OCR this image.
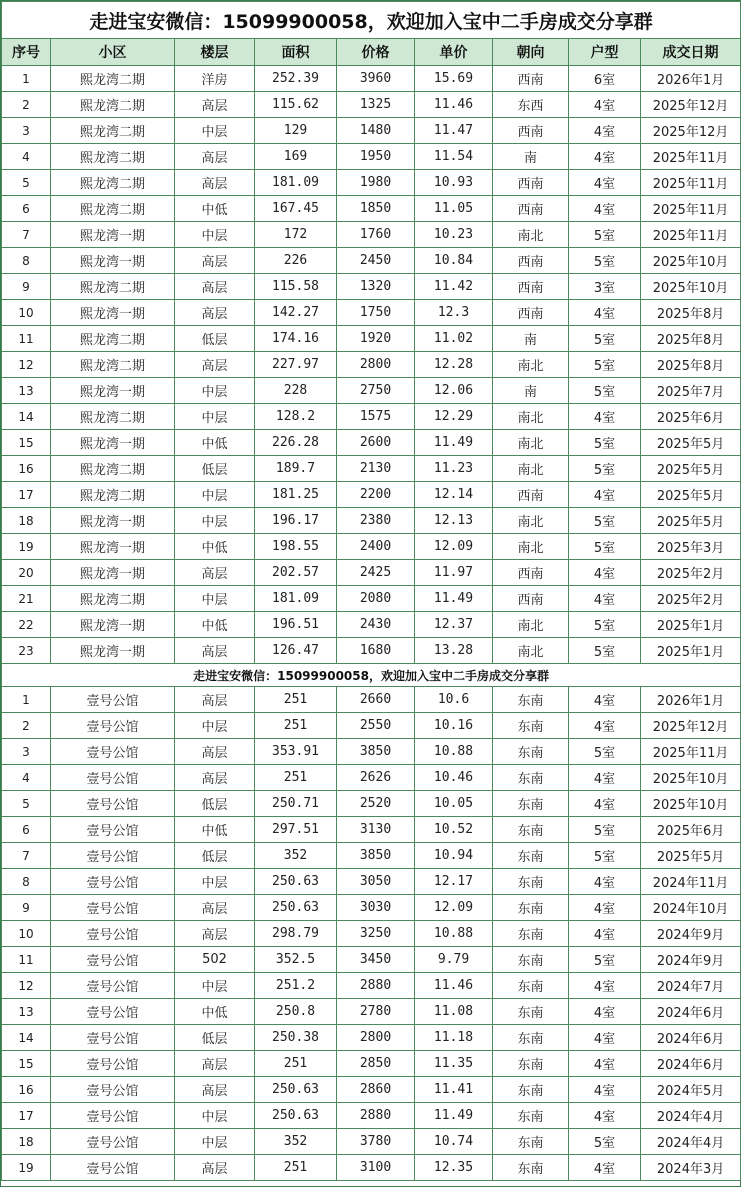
走进宝安微信：15099900058，欢迎加入宝中二手房成交分享群								
序号	小区	楼层	面积	价格	单价	朝向	户型	成交日期
1	熙龙湾二期	洋房	252.39	3960	15.69	西南	6室	2026年1月
2	熙龙湾二期	高层	115.62	1325	11.46	东西	4室	2025年12月
3	熙龙湾二期	中层	129	1480	11.47	西南	4室	2025年12月
4	熙龙湾二期	高层	169	1950	11.54	南	4室	2025年11月
5	熙龙湾二期	高层	181.09	1980	10.93	西南	4室	2025年11月
6	熙龙湾二期	中低	167.45	1850	11.05	西南	4室	2025年11月
7	熙龙湾一期	中层	172	1760	10.23	南北	5室	2025年11月
8	熙龙湾一期	高层	226	2450	10.84	西南	5室	2025年10月
9	熙龙湾二期	高层	115.58	1320	11.42	西南	3室	2025年10月
10	熙龙湾一期	高层	142.27	1750	12.3	西南	4室	2025年8月
11	熙龙湾二期	低层	174.16	1920	11.02	南	5室	2025年8月
12	熙龙湾二期	高层	227.97	2800	12.28	南北	5室	2025年8月
13	熙龙湾一期	中层	228	2750	12.06	南	5室	2025年7月
14	熙龙湾二期	中层	128.2	1575	12.29	南北	4室	2025年6月
15	熙龙湾一期	中低	226.28	2600	11.49	南北	5室	2025年5月
16	熙龙湾二期	低层	189.7	2130	11.23	南北	5室	2025年5月
17	熙龙湾二期	中层	181.25	2200	12.14	西南	4室	2025年5月
18	熙龙湾一期	中层	196.17	2380	12.13	南北	5室	2025年5月
19	熙龙湾一期	中低	198.55	2400	12.09	南北	5室	2025年3月
20	熙龙湾一期	高层	202.57	2425	11.97	西南	4室	2025年2月
21	熙龙湾二期	中层	181.09	2080	11.49	西南	4室	2025年2月
22	熙龙湾一期	中低	196.51	2430	12.37	南北	5室	2025年1月
23	熙龙湾一期	高层	126.47	1680	13.28	南北	5室	2025年1月
走进宝安微信：15099900058，欢迎加入宝中二手房成交分享群								
1	壹号公馆	高层	251	2660	10.6	东南	4室	2026年1月
2	壹号公馆	中层	251	2550	10.16	东南	4室	2025年12月
3	壹号公馆	高层	353.91	3850	10.88	东南	5室	2025年11月
4	壹号公馆	高层	251	2626	10.46	东南	4室	2025年10月
5	壹号公馆	低层	250.71	2520	10.05	东南	4室	2025年10月
6	壹号公馆	中低	297.51	3130	10.52	东南	5室	2025年6月
7	壹号公馆	低层	352	3850	10.94	东南	5室	2025年5月
8	壹号公馆	中层	250.63	3050	12.17	东南	4室	2024年11月
9	壹号公馆	高层	250.63	3030	12.09	东南	4室	2024年10月
10	壹号公馆	高层	298.79	3250	10.88	东南	4室	2024年9月
11	壹号公馆	502	352.5	3450	9.79	东南	5室	2024年9月
12	壹号公馆	中层	251.2	2880	11.46	东南	4室	2024年7月
13	壹号公馆	中低	250.8	2780	11.08	东南	4室	2024年6月
14	壹号公馆	低层	250.38	2800	11.18	东南	4室	2024年6月
15	壹号公馆	高层	251	2850	11.35	东南	4室	2024年6月
16	壹号公馆	高层	250.63	2860	11.41	东南	4室	2024年5月
17	壹号公馆	中层	250.63	2880	11.49	东南	4室	2024年4月
18	壹号公馆	中层	352	3780	10.74	东南	5室	2024年4月
19	壹号公馆	高层	251	3100	12.35	东南	4室	2024年3月
